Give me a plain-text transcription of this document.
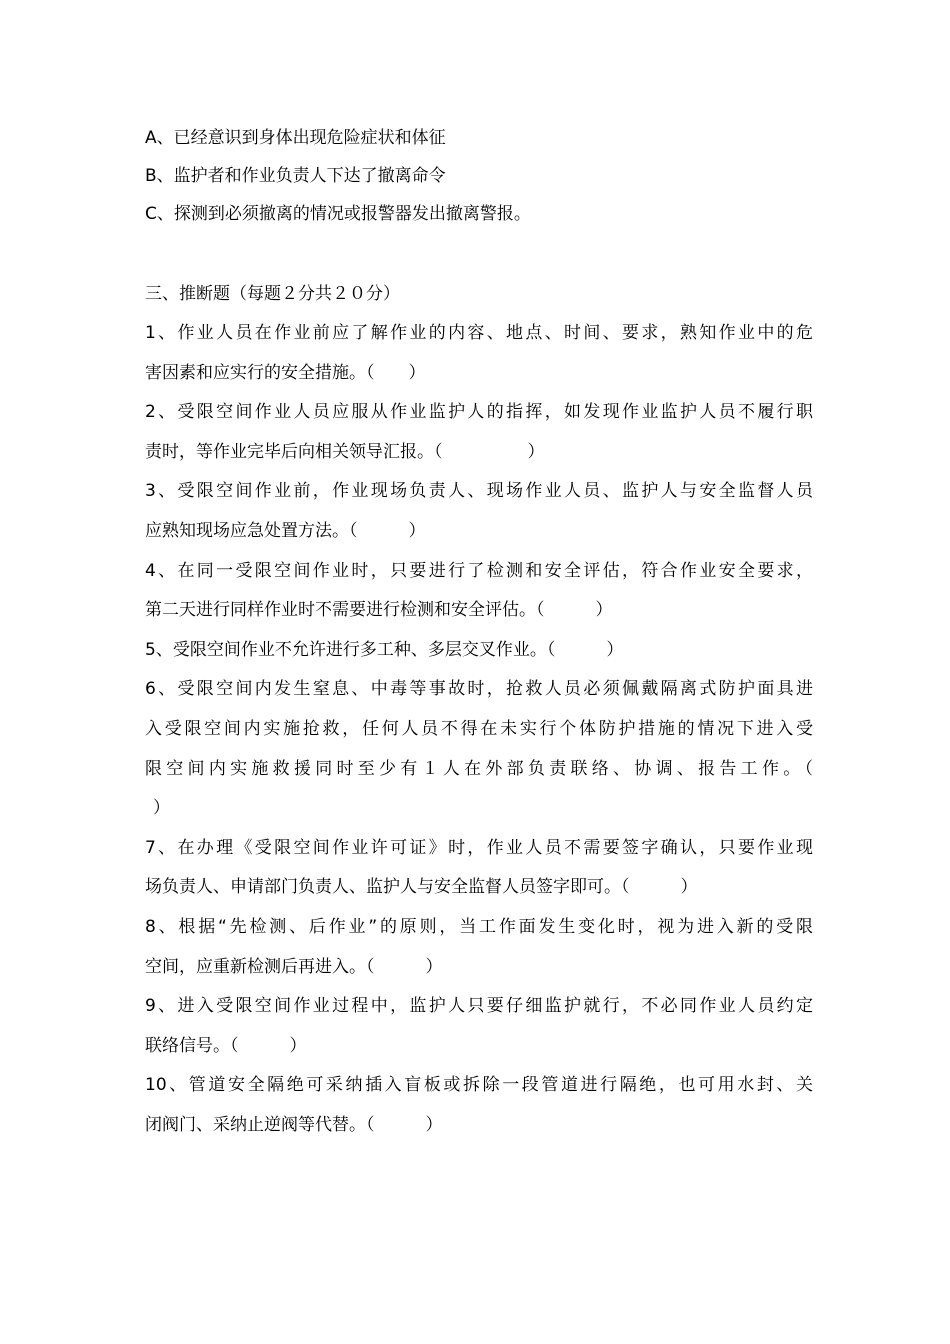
A、已经意识到身体出现危险症状和体征
B、监护者和作业负责人下达了撤离命令
C、探测到必须撤离的情况或报警器发出撤离警报。
三、推断题（每题２分共２０分）
1、作业人员在作业前应了解作业的内容、地点、时间、要求，熟知作业中的危
害因素和应实行的安全措施。（　　）
2、受限空间作业人员应服从作业监护人的指挥，如发现作业监护人员不履行职
责时，等作业完毕后向相关领导汇报。（　　　　　）
3、受限空间作业前，作业现场负责人、现场作业人员、监护人与安全监督人员
应熟知现场应急处置方法。（　　　）
4、在同一受限空间作业时，只要进行了检测和安全评估，符合作业安全要求，
第二天进行同样作业时不需要进行检测和安全评估。（　　　）
5、受限空间作业不允许进行多工种、多层交叉作业。（　　　）
6、受限空间内发生窒息、中毒等事故时，抢救人员必须佩戴隔离式防护面具进
入受限空间内实施抢救，任何人员不得在未实行个体防护措施的情况下进入受
限空间内实施救援同时至少有１人在外部负责联络、协调、报告工作。（
）
7、在办理《受限空间作业许可证》时，作业人员不需要签字确认，只要作业现
场负责人、申请部门负责人、监护人与安全监督人员签字即可。（　　　）
8、根据“先检测、后作业”的原则，当工作面发生变化时，视为进入新的受限
空间，应重新检测后再进入。（　　　）
9、进入受限空间作业过程中，监护人只要仔细监护就行，不必同作业人员约定
联络信号。（　　　）
10、管道安全隔绝可采纳插入盲板或拆除一段管道进行隔绝，也可用水封、关
闭阀门、采纳止逆阀等代替。（　　　）
